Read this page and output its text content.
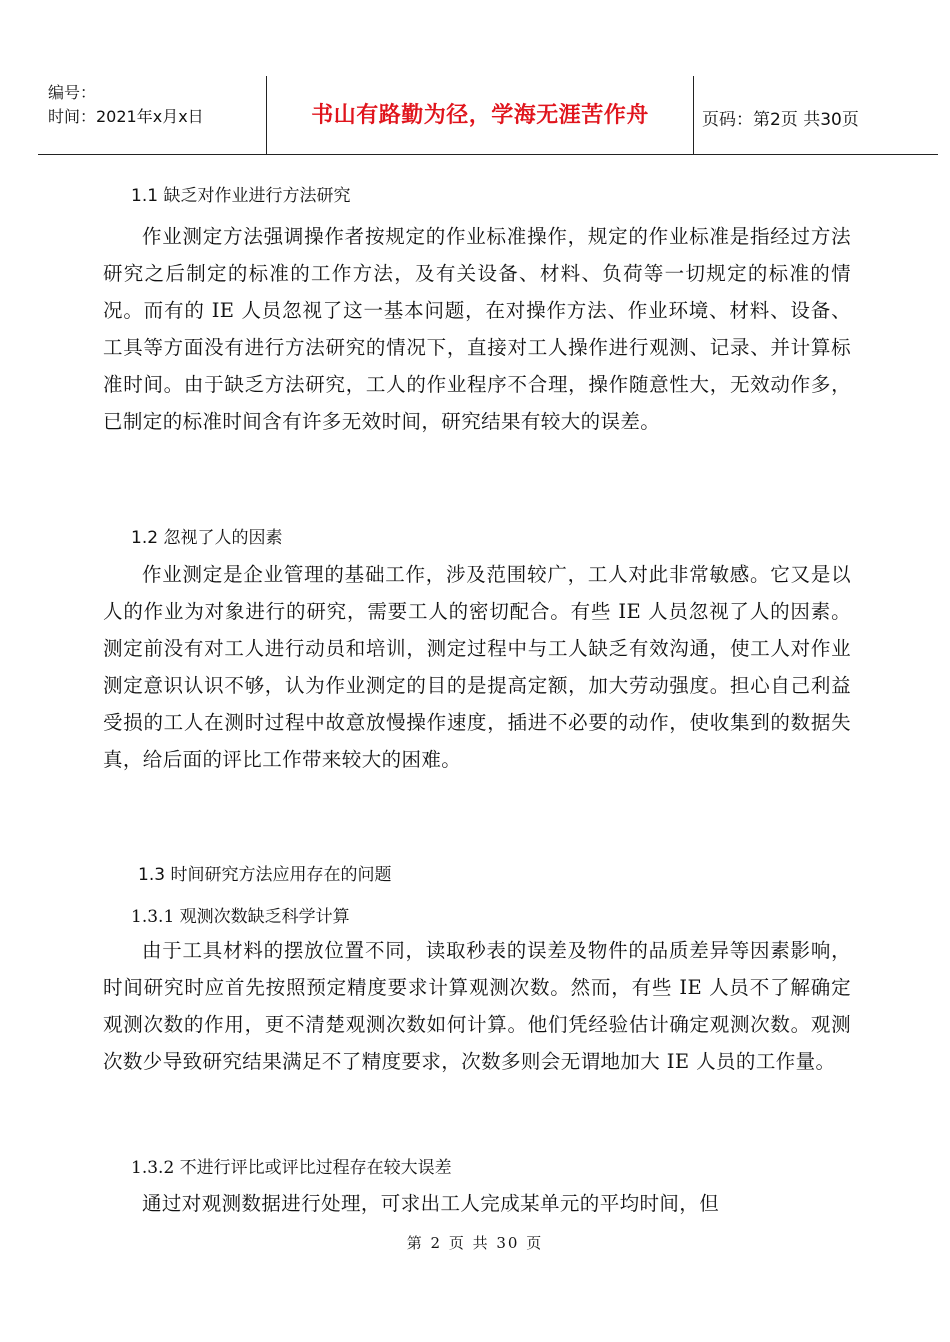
编号：
时间：2021年x月x日	书山有路勤为径，学海无涯苦作舟	页码：第2页 共30页
1.1 缺乏对作业进行方法研究
作业测定方法强调操作者按规定的作业标准操作，规定的作业标准是指经过方法研究之后制定的标准的工作方法，及有关设备、材料、负荷等一切规定的标准的情况。而有的 IE 人员忽视了这一基本问题，在对操作方法、作业环境、材料、设备、工具等方面没有进行方法研究的情况下，直接对工人操作进行观测、记录、并计算标准时间。由于缺乏方法研究，工人的作业程序不合理，操作随意性大，无效动作多，已制定的标准时间含有许多无效时间，研究结果有较大的误差。
1.2 忽视了人的因素
作业测定是企业管理的基础工作，涉及范围较广，工人对此非常敏感。它又是以人的作业为对象进行的研究，需要工人的密切配合。有些 IE 人员忽视了人的因素。测定前没有对工人进行动员和培训，测定过程中与工人缺乏有效沟通，使工人对作业测定意识认识不够，认为作业测定的目的是提高定额，加大劳动强度。担心自己利益受损的工人在测时过程中故意放慢操作速度，插进不必要的动作，使收集到的数据失真，给后面的评比工作带来较大的困难。
1.3 时间研究方法应用存在的问题
1.3.1 观测次数缺乏科学计算
由于工具材料的摆放位置不同，读取秒表的误差及物件的品质差异等因素影响，时间研究时应首先按照预定精度要求计算观测次数。然而，有些 IE 人员不了解确定观测次数的作用，更不清楚观测次数如何计算。他们凭经验估计确定观测次数。观测次数少导致研究结果满足不了精度要求，次数多则会无谓地加大 IE 人员的工作量。
1.3.2 不进行评比或评比过程存在较大误差
通过对观测数据进行处理，可求出工人完成某单元的平均时间，但
第 2 页 共 30 页
